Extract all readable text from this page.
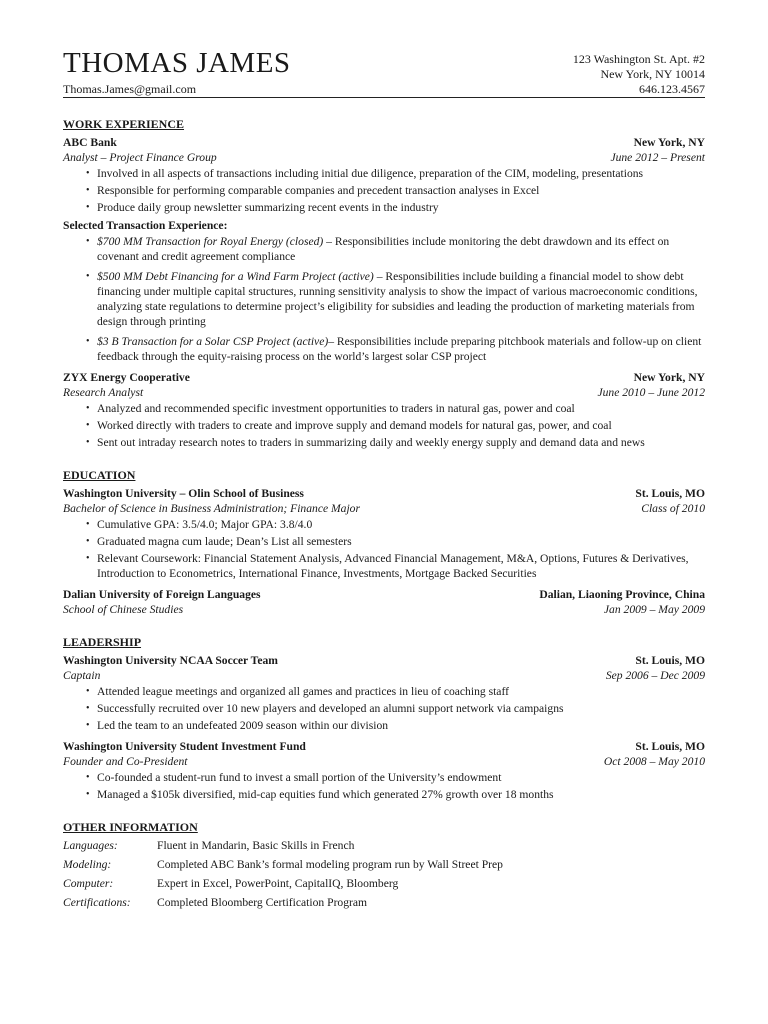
THOMAS JAMES	123 Washington St. Apt. #2
New York, NY 10014
Thomas.James@gmail.com	646.123.4567
WORK EXPERIENCE
ABC Bank	New York, NY
Analyst – Project Finance Group	June 2012 – Present
• Involved in all aspects of transactions including initial due diligence, preparation of the CIM, modeling, presentations
• Responsible for performing comparable companies and precedent transaction analyses in Excel
• Produce daily group newsletter summarizing recent events in the industry
Selected Transaction Experience:
• $700 MM Transaction for Royal Energy (closed) – Responsibilities include monitoring the debt drawdown and its effect on covenant and credit agreement compliance
• $500 MM Debt Financing for a Wind Farm Project (active) – Responsibilities include building a financial model to show debt financing under multiple capital structures, running sensitivity analysis to show the impact of various macroeconomic conditions, analyzing state regulations to determine project’s eligibility for subsidies and leading the production of marketing materials from design through printing
• $3 B Transaction for a Solar CSP Project (active)– Responsibilities include preparing pitchbook materials and follow-up on client feedback through the equity-raising process on the world’s largest solar CSP project
ZYX Energy Cooperative	New York, NY
Research Analyst	June 2010 – June 2012
• Analyzed and recommended specific investment opportunities to traders in natural gas, power and coal
• Worked directly with traders to create and improve supply and demand models for natural gas, power, and coal
• Sent out intraday research notes to traders in summarizing daily and weekly energy supply and demand data and news
EDUCATION
Washington University – Olin School of Business	St. Louis, MO
Bachelor of Science in Business Administration; Finance Major	Class of 2010
• Cumulative GPA: 3.5/4.0; Major GPA: 3.8/4.0
• Graduated magna cum laude; Dean’s List all semesters
• Relevant Coursework: Financial Statement Analysis, Advanced Financial Management, M&A, Options, Futures & Derivatives, Introduction to Econometrics, International Finance, Investments, Mortgage Backed Securities
Dalian University of Foreign Languages	Dalian, Liaoning Province, China
School of Chinese Studies	Jan 2009 – May 2009
LEADERSHIP
Washington University NCAA Soccer Team	St. Louis, MO
Captain	Sep 2006 – Dec 2009
• Attended league meetings and organized all games and practices in lieu of coaching staff
• Successfully recruited over 10 new players and developed an alumni support network via campaigns
• Led the team to an undefeated 2009 season within our division
Washington University Student Investment Fund	St. Louis, MO
Founder and Co-President	Oct 2008 – May 2010
• Co-founded a student-run fund to invest a small portion of the University’s endowment
• Managed a $105k diversified, mid-cap equities fund which generated 27% growth over 18 months
OTHER INFORMATION
Languages:	Fluent in Mandarin, Basic Skills in French
Modeling:	Completed ABC Bank’s formal modeling program run by Wall Street Prep
Computer:	Expert in Excel, PowerPoint, CapitalIQ, Bloomberg
Certifications:	Completed Bloomberg Certification Program
